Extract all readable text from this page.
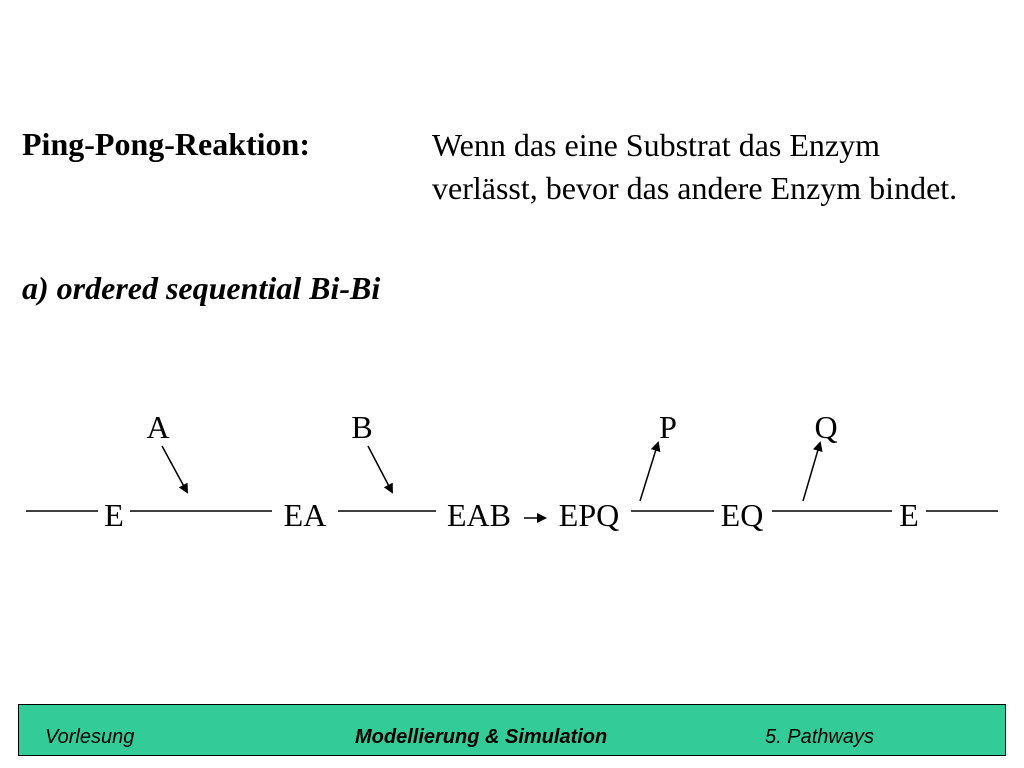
Ping-Pong-Reaktion:	Wenn das eine Substrat das Enzym
verlässt, bevor das andere Enzym bindet.
a) ordered sequential Bi-Bi
E	EA	EAB EPQ	EQ	E
A	B	P	Q
Vorlesung	Modellierung & Simulation	5. Pathways
